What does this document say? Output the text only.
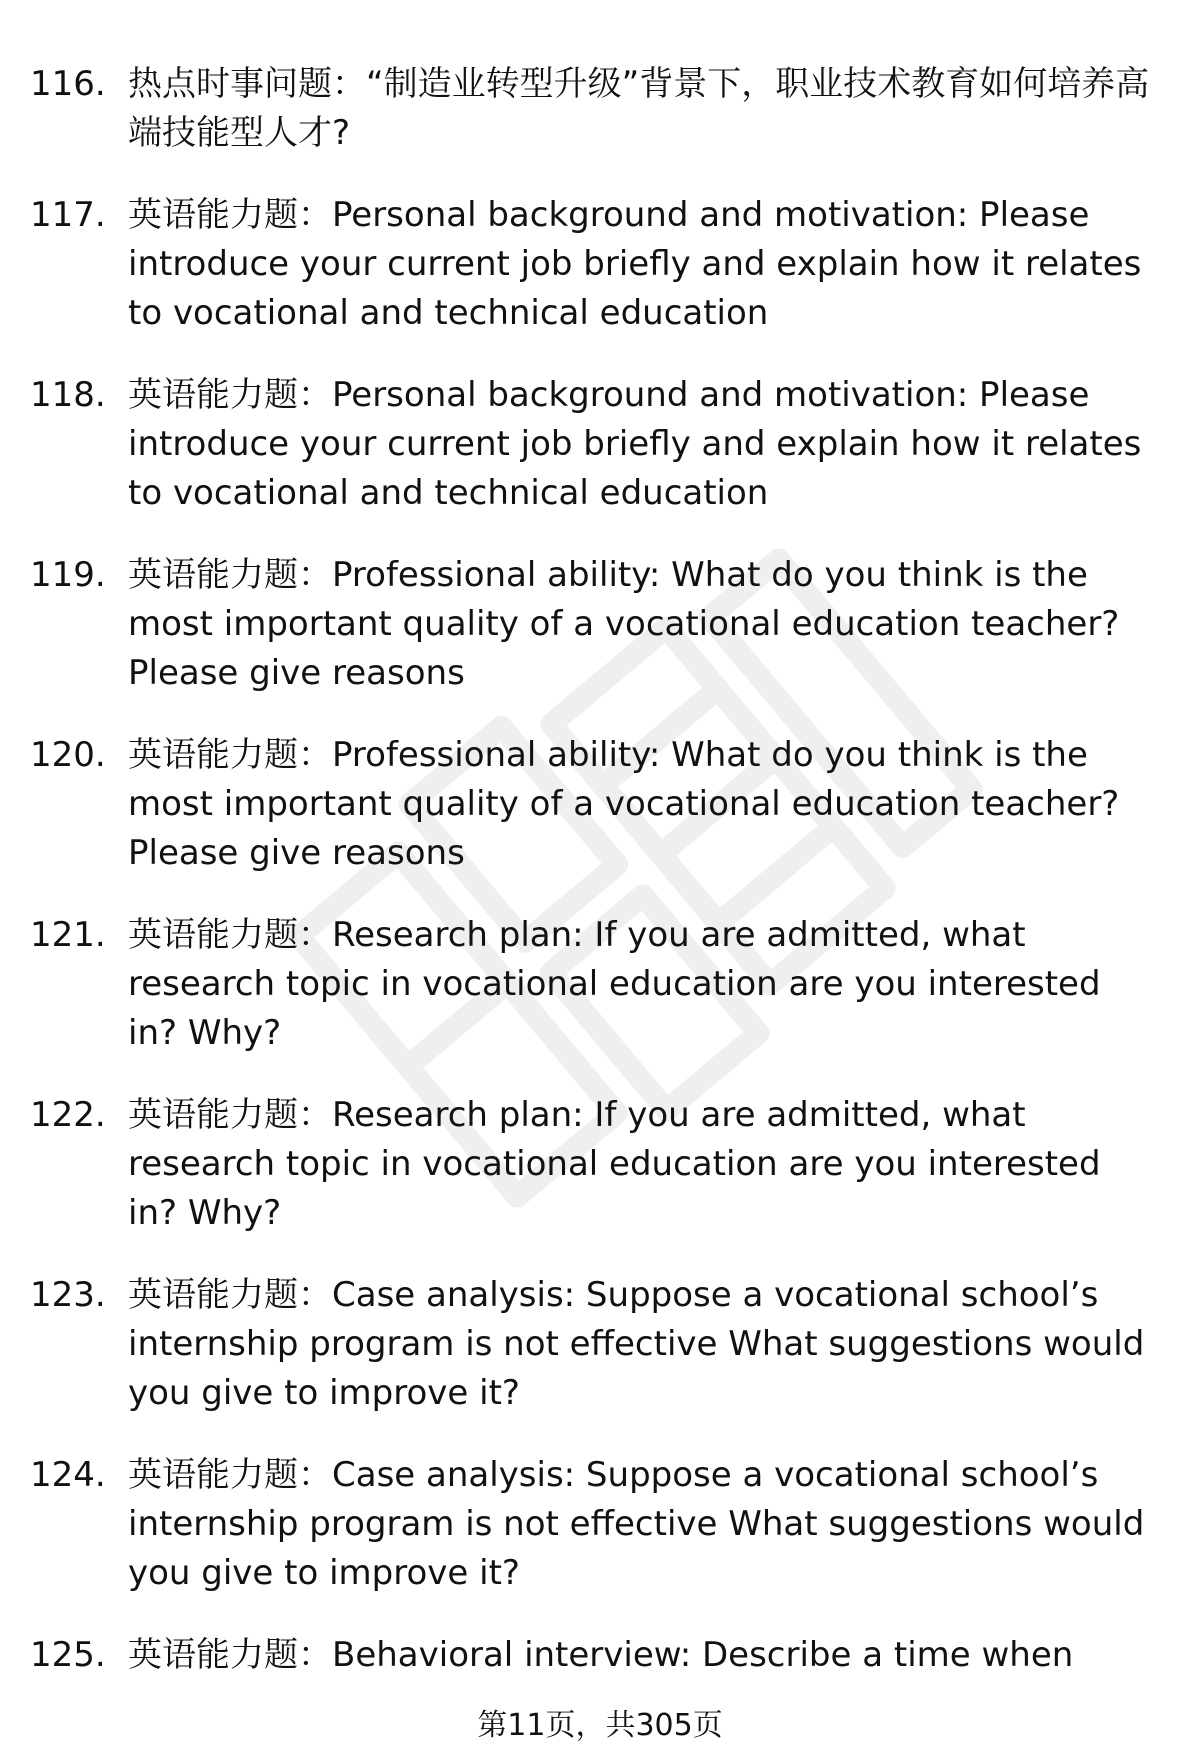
116. 热点时事问题：“制造业转型升级”背景下，职业技术教育如何培养高端技能型人才?
117. 英语能力题：Personal background and motivation: Please introduce your current job briefly and explain how it relates to vocational and technical education
118. 英语能力题：Personal background and motivation: Please introduce your current job briefly and explain how it relates to vocational and technical education
119. 英语能力题：Professional ability: What do you think is the most important quality of a vocational education teacher? Please give reasons
120. 英语能力题：Professional ability: What do you think is the most important quality of a vocational education teacher? Please give reasons
121. 英语能力题：Research plan: If you are admitted, what research topic in vocational education are you interested in? Why?
122. 英语能力题：Research plan: If you are admitted, what research topic in vocational education are you interested in? Why?
123. 英语能力题：Case analysis: Suppose a vocational school’s internship program is not effective What suggestions would you give to improve it?
124. 英语能力题：Case analysis: Suppose a vocational school’s internship program is not effective What suggestions would you give to improve it?
125. 英语能力题：Behavioral interview: Describe a time when
第11页，共305页
